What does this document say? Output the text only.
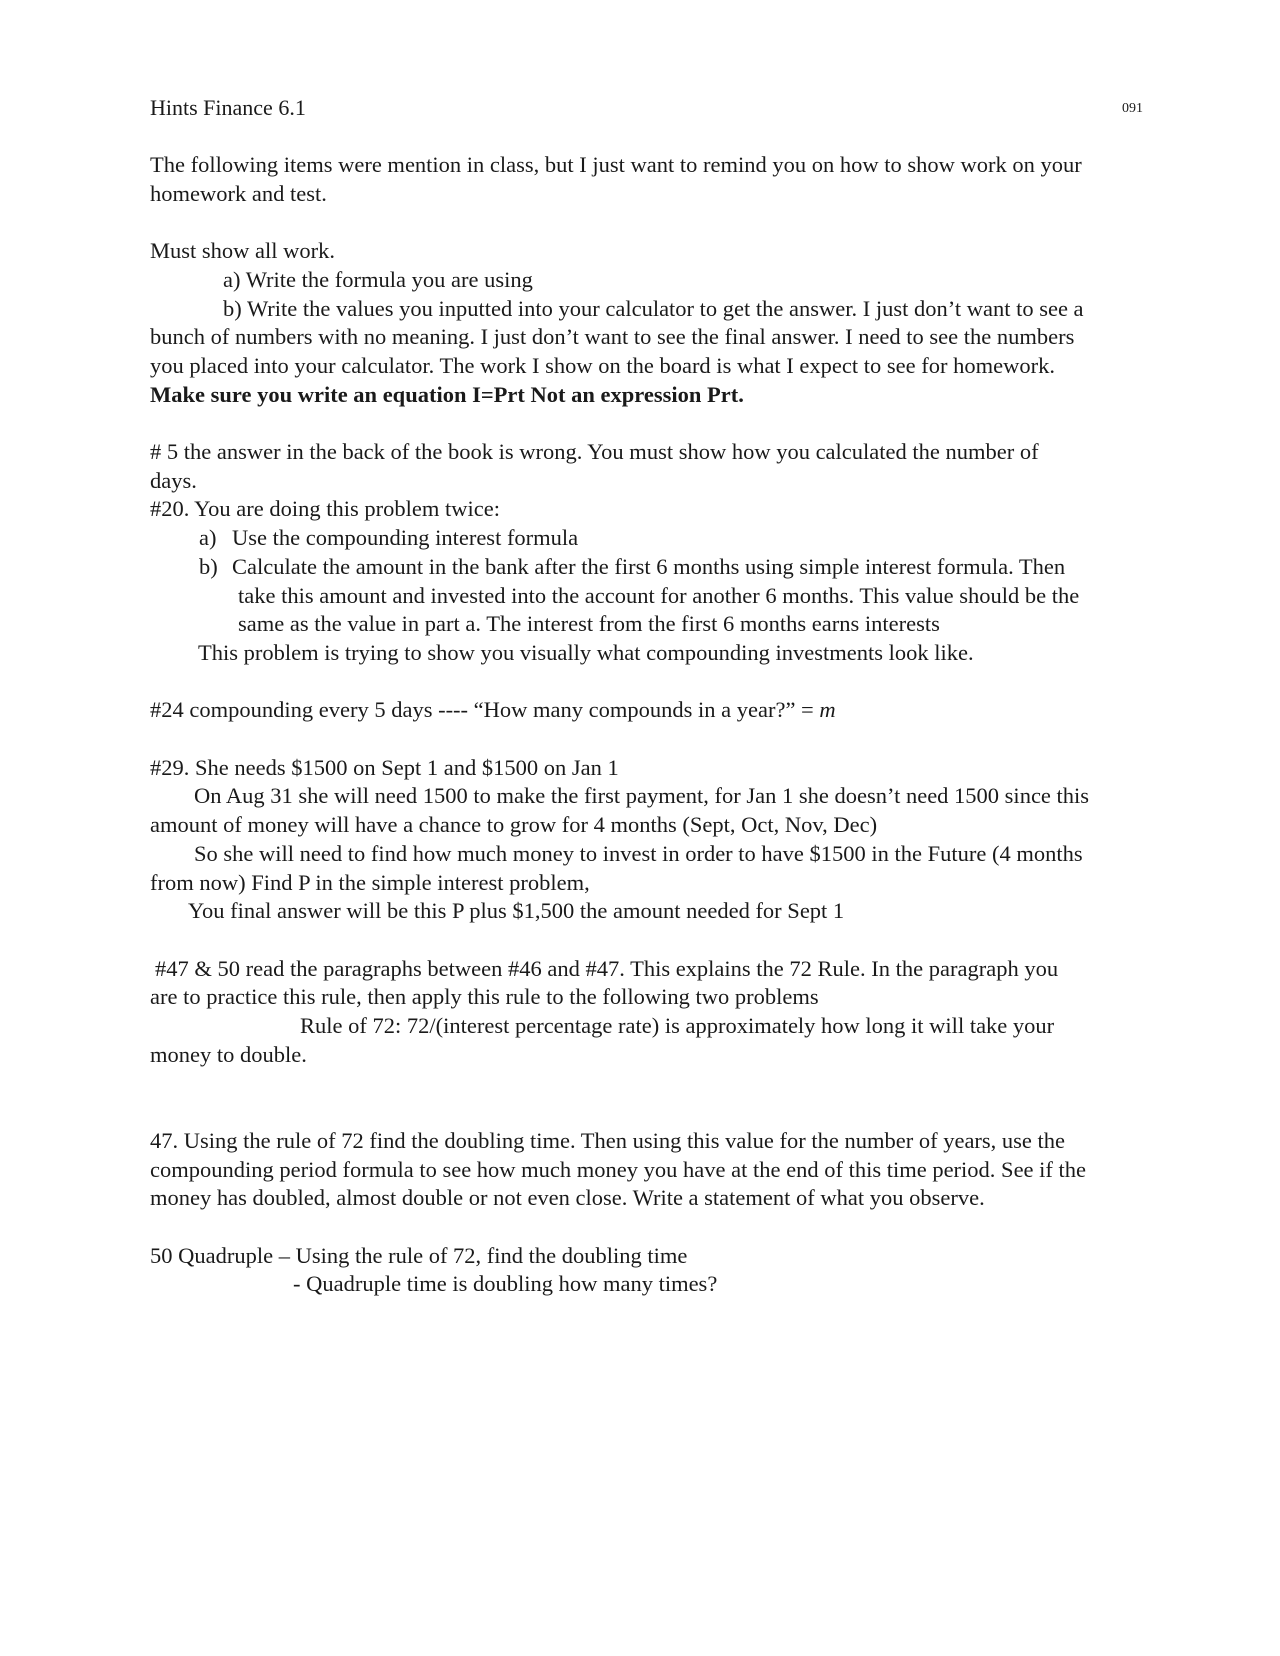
Hints Finance 6.1	091

The following items were mention in class, but I just want to remind you on how to show work on your

homework and test.

Must show all work.

a) Write the formula you are using

b) Write the values you inputted into your calculator to get the answer. I just don’t want to see a

bunch of numbers with no meaning. I just don’t want to see the final answer. I need to see the numbers

you placed into your calculator. The work I show on the board is what I expect to see for homework.

Make sure you write an equation I=Prt Not an expression Prt.

# 5 the answer in the back of the book is wrong. You must show how you calculated the number of

days.

#20. You are doing this problem twice:

a) Use the compounding interest formula

b) Calculate the amount in the bank after the first 6 months using simple interest formula. Then

take this amount and invested into the account for another 6 months. This value should be the

same as the value in part a. The interest from the first 6 months earns interests

This problem is trying to show you visually what compounding investments look like.

#24 compounding every 5 days ---- “How many compounds in a year?” = m

#29. She needs $1500 on Sept 1 and $1500 on Jan 1

On Aug 31 she will need 1500 to make the first payment, for Jan 1 she doesn’t need 1500 since this

amount of money will have a chance to grow for 4 months (Sept, Oct, Nov, Dec)

So she will need to find how much money to invest in order to have $1500 in the Future (4 months

from now) Find P in the simple interest problem,

You final answer will be this P plus $1,500 the amount needed for Sept 1

#47 & 50 read the paragraphs between #46 and #47. This explains the 72 Rule. In the paragraph you

are to practice this rule, then apply this rule to the following two problems

Rule of 72: 72/(interest percentage rate) is approximately how long it will take your

money to double.

47. Using the rule of 72 find the doubling time. Then using this value for the number of years, use the

compounding period formula to see how much money you have at the end of this time period. See if the

money has doubled, almost double or not even close. Write a statement of what you observe.

50 Quadruple – Using the rule of 72, find the doubling time

- Quadruple time is doubling how many times?
